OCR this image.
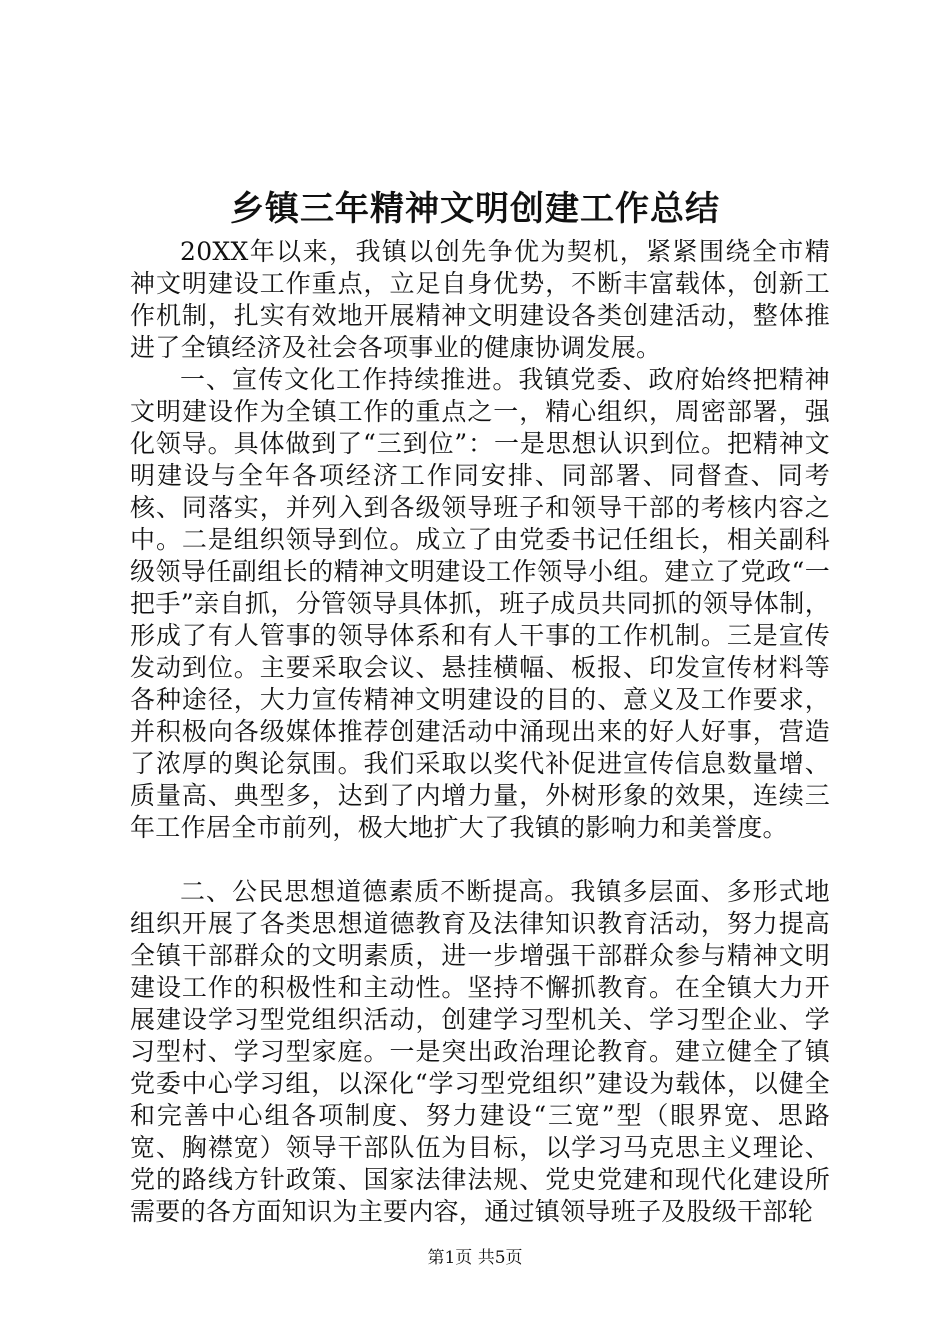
乡镇三年精神文明创建工作总结

20XX年以来，我镇以创先争优为契机，紧紧围绕全市精神文明建设工作重点，立足自身优势，不断丰富载体，创新工作机制，扎实有效地开展精神文明建设各类创建活动，整体推进了全镇经济及社会各项事业的健康协调发展。

一、宣传文化工作持续推进。我镇党委、政府始终把精神文明建设作为全镇工作的重点之一，精心组织，周密部署，强化领导。具体做到了“三到位”：一是思想认识到位。把精神文明建设与全年各项经济工作同安排、同部署、同督查、同考核、同落实，并列入到各级领导班子和领导干部的考核内容之中。二是组织领导到位。成立了由党委书记任组长，相关副科级领导任副组长的精神文明建设工作领导小组。建立了党政“一把手”亲自抓，分管领导具体抓，班子成员共同抓的领导体制，形成了有人管事的领导体系和有人干事的工作机制。三是宣传发动到位。主要采取会议、悬挂横幅、板报、印发宣传材料等各种途径，大力宣传精神文明建设的目的、意义及工作要求，并积极向各级媒体推荐创建活动中涌现出来的好人好事，营造了浓厚的舆论氛围。我们采取以奖代补促进宣传信息数量增、质量高、典型多，达到了内增力量，外树形象的效果，连续三年工作居全市前列，极大地扩大了我镇的影响力和美誉度。

二、公民思想道德素质不断提高。我镇多层面、多形式地组织开展了各类思想道德教育及法律知识教育活动，努力提高全镇干部群众的文明素质，进一步增强干部群众参与精神文明建设工作的积极性和主动性。坚持不懈抓教育。在全镇大力开展建设学习型党组织活动，创建学习型机关、学习型企业、学习型村、学习型家庭。一是突出政治理论教育。建立健全了镇党委中心学习组，以深化“学习型党组织”建设为载体，以健全和完善中心组各项制度、努力建设“三宽”型（眼界宽、思路宽、胸襟宽）领导干部队伍为目标，以学习马克思主义理论、党的路线方针政策、国家法律法规、党史党建和现代化建设所需要的各方面知识为主要内容，通过镇领导班子及股级干部轮

第1页 共5页
